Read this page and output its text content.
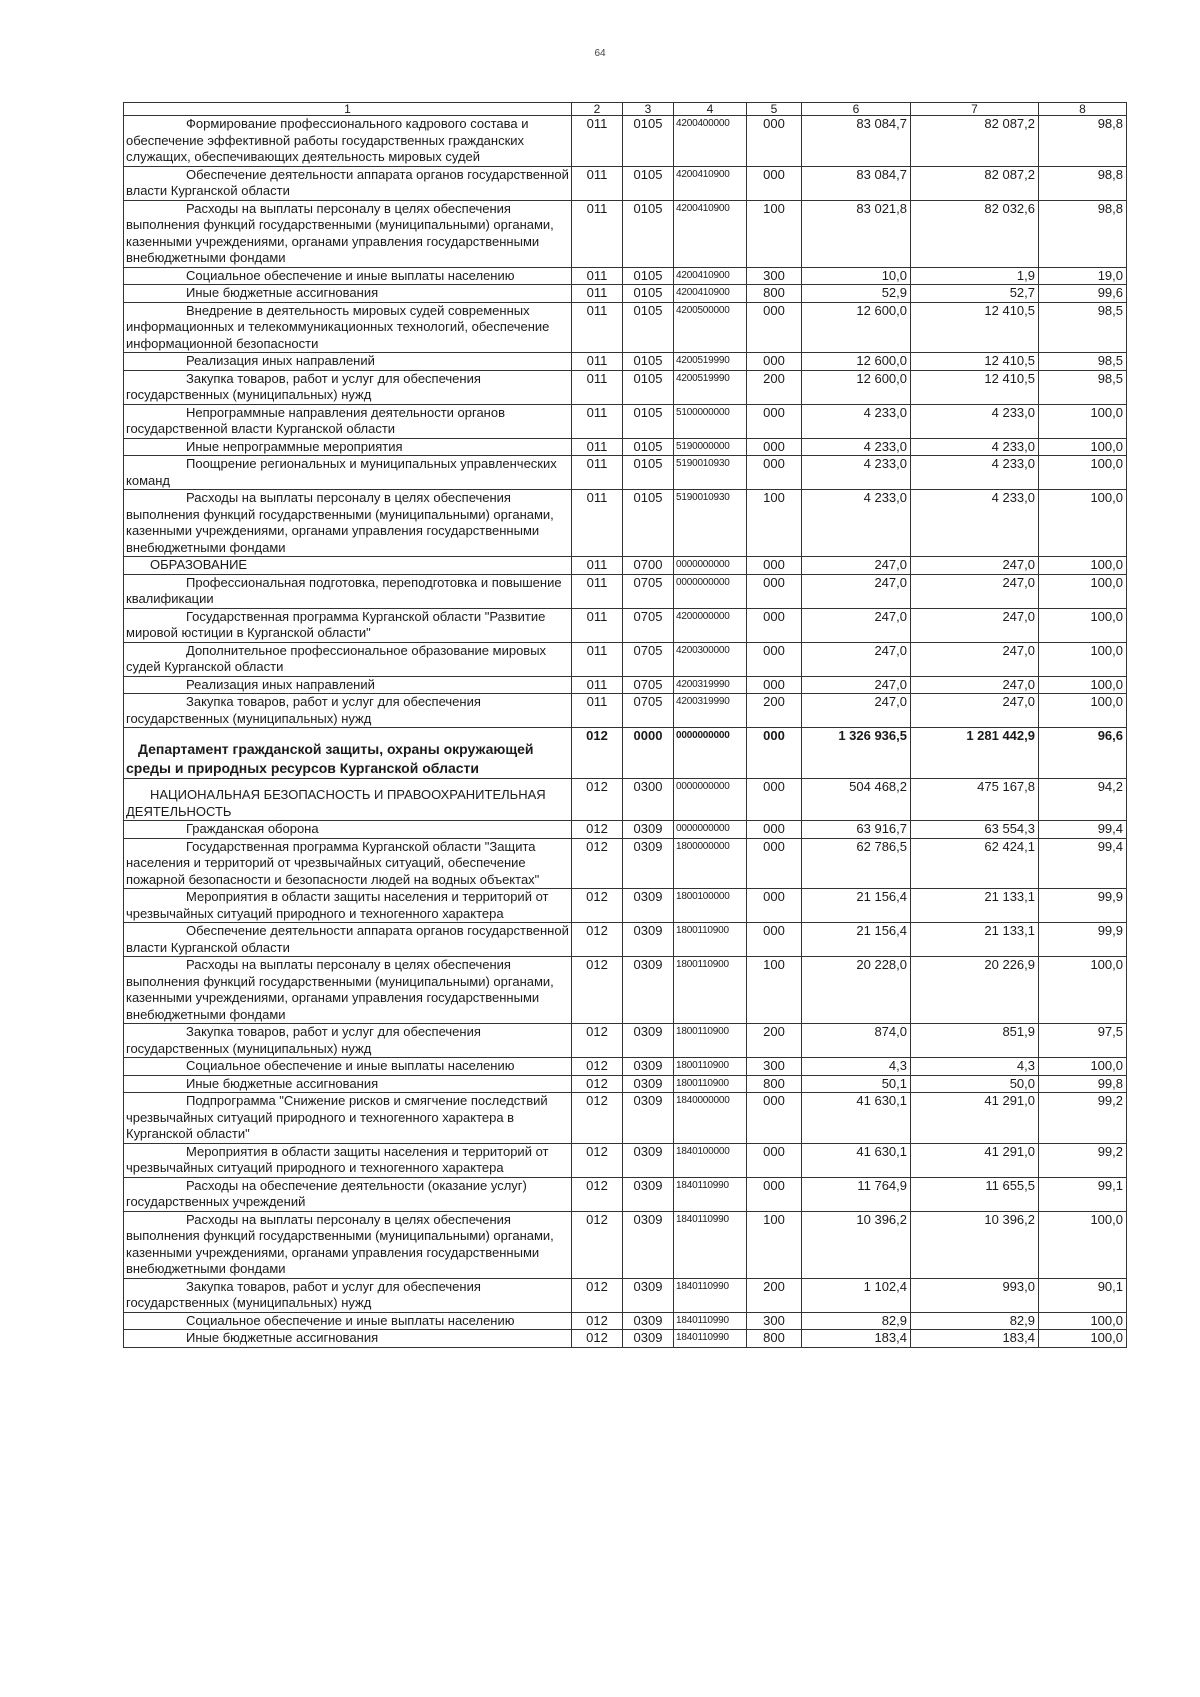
64
1	2	3	4	5	6	7	8
Формирование профессионального кадрового состава и обеспечение эффективной работы государственных гражданских служащих, обеспечивающих деятельность мировых судей	011	0105	4200400000	000	83 084,7	82 087,2	98,8
Обеспечение деятельности аппарата органов государственной власти Курганской области	011	0105	4200410900	000	83 084,7	82 087,2	98,8
Расходы на выплаты персоналу в целях обеспечения выполнения функций государственными (муниципальными) органами, казенными учреждениями, органами управления государственными внебюджетными фондами	011	0105	4200410900	100	83 021,8	82 032,6	98,8
Социальное обеспечение и иные выплаты населению	011	0105	4200410900	300	10,0	1,9	19,0
Иные бюджетные ассигнования	011	0105	4200410900	800	52,9	52,7	99,6
Внедрение в деятельность мировых судей современных информационных и телекоммуникационных технологий, обеспечение информационной безопасности	011	0105	4200500000	000	12 600,0	12 410,5	98,5
Реализация иных направлений	011	0105	4200519990	000	12 600,0	12 410,5	98,5
Закупка товаров, работ и услуг для обеспечения государственных (муниципальных) нужд	011	0105	4200519990	200	12 600,0	12 410,5	98,5
Непрограммные направления деятельности органов государственной власти Курганской области	011	0105	5100000000	000	4 233,0	4 233,0	100,0
Иные непрограммные мероприятия	011	0105	5190000000	000	4 233,0	4 233,0	100,0
Поощрение региональных и муниципальных управленческих команд	011	0105	5190010930	000	4 233,0	4 233,0	100,0
Расходы на выплаты персоналу в целях обеспечения выполнения функций государственными (муниципальными) органами, казенными учреждениями, органами управления государственными внебюджетными фондами	011	0105	5190010930	100	4 233,0	4 233,0	100,0
ОБРАЗОВАНИЕ	011	0700	0000000000	000	247,0	247,0	100,0
Профессиональная подготовка, переподготовка и повышение квалификации	011	0705	0000000000	000	247,0	247,0	100,0
Государственная программа Курганской области "Развитие мировой юстиции в Курганской области"	011	0705	4200000000	000	247,0	247,0	100,0
Дополнительное профессиональное образование мировых судей Курганской области	011	0705	4200300000	000	247,0	247,0	100,0
Реализация иных направлений	011	0705	4200319990	000	247,0	247,0	100,0
Закупка товаров, работ и услуг для обеспечения государственных (муниципальных) нужд	011	0705	4200319990	200	247,0	247,0	100,0
Департамент гражданской защиты, охраны окружающей среды и природных ресурсов Курганской области	012	0000	0000000000	000	1 326 936,5	1 281 442,9	96,6
НАЦИОНАЛЬНАЯ БЕЗОПАСНОСТЬ И ПРАВООХРАНИТЕЛЬНАЯ ДЕЯТЕЛЬНОСТЬ	012	0300	0000000000	000	504 468,2	475 167,8	94,2
Гражданская оборона	012	0309	0000000000	000	63 916,7	63 554,3	99,4
Государственная программа Курганской области "Защита населения и территорий от чрезвычайных ситуаций, обеспечение пожарной безопасности и безопасности людей на водных объектах"	012	0309	1800000000	000	62 786,5	62 424,1	99,4
Мероприятия в области защиты населения и территорий от чрезвычайных ситуаций природного и техногенного характера	012	0309	1800100000	000	21 156,4	21 133,1	99,9
Обеспечение деятельности аппарата органов государственной власти Курганской области	012	0309	1800110900	000	21 156,4	21 133,1	99,9
Расходы на выплаты персоналу в целях обеспечения выполнения функций государственными (муниципальными) органами, казенными учреждениями, органами управления государственными внебюджетными фондами	012	0309	1800110900	100	20 228,0	20 226,9	100,0
Закупка товаров, работ и услуг для обеспечения государственных (муниципальных) нужд	012	0309	1800110900	200	874,0	851,9	97,5
Социальное обеспечение и иные выплаты населению	012	0309	1800110900	300	4,3	4,3	100,0
Иные бюджетные ассигнования	012	0309	1800110900	800	50,1	50,0	99,8
Подпрограмма "Снижение рисков и смягчение последствий чрезвычайных ситуаций природного и техногенного характера в Курганской области"	012	0309	1840000000	000	41 630,1	41 291,0	99,2
Мероприятия в области защиты населения и территорий от чрезвычайных ситуаций природного и техногенного характера	012	0309	1840100000	000	41 630,1	41 291,0	99,2
Расходы на обеспечение деятельности (оказание услуг) государственных учреждений	012	0309	1840110990	000	11 764,9	11 655,5	99,1
Расходы на выплаты персоналу в целях обеспечения выполнения функций государственными (муниципальными) органами, казенными учреждениями, органами управления государственными внебюджетными фондами	012	0309	1840110990	100	10 396,2	10 396,2	100,0
Закупка товаров, работ и услуг для обеспечения государственных (муниципальных) нужд	012	0309	1840110990	200	1 102,4	993,0	90,1
Социальное обеспечение и иные выплаты населению	012	0309	1840110990	300	82,9	82,9	100,0
Иные бюджетные ассигнования	012	0309	1840110990	800	183,4	183,4	100,0
